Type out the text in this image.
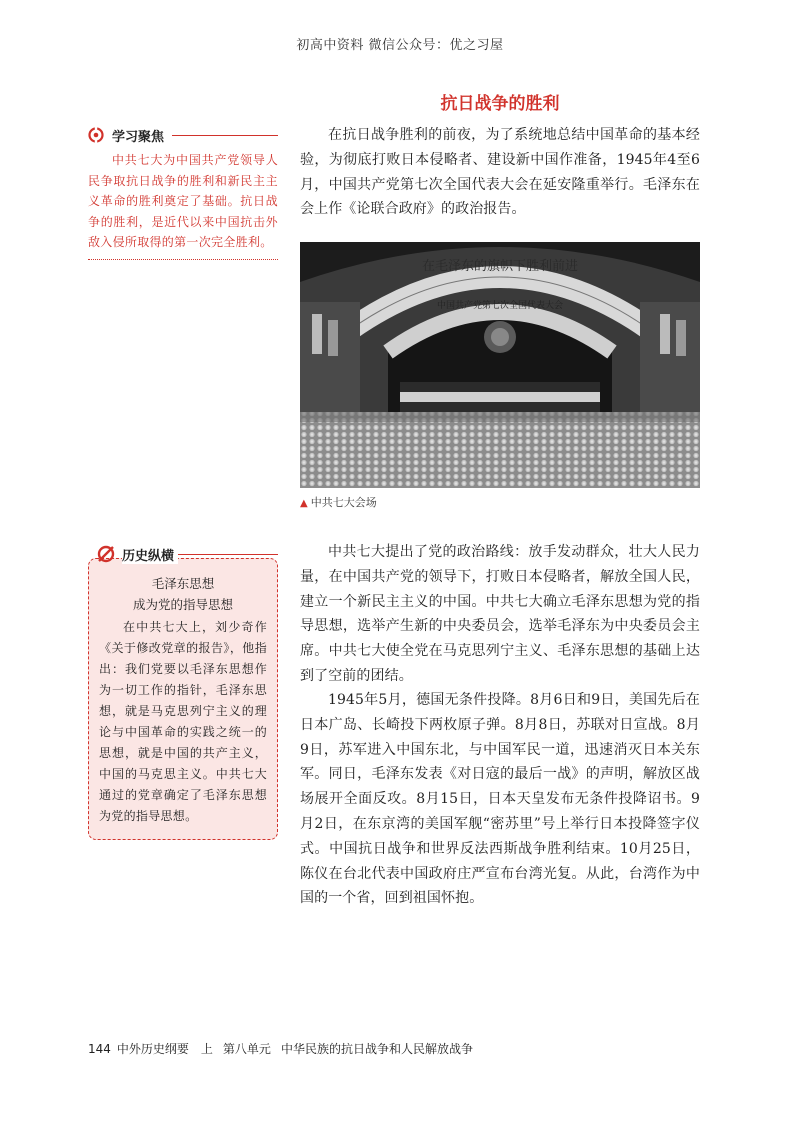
初高中资料 微信公众号：优之习屋
抗日战争的胜利
学习聚焦
中共七大为中国共产党领导人民争取抗日战争的胜利和新民主主义革命的胜利奠定了基础。抗日战争的胜利，是近代以来中国抗击外敌入侵所取得的第一次完全胜利。
在抗日战争胜利的前夜，为了系统地总结中国革命的基本经验，为彻底打败日本侵略者、建设新中国作准备，1945年4至6月，中国共产党第七次全国代表大会在延安隆重举行。毛泽东在会上作《论联合政府》的政治报告。
在毛泽东的旗帜下胜利前进
中国共产党第七次全国代表大会
▲ 中共七大会场
中共七大提出了党的政治路线：放手发动群众，壮大人民力量，在中国共产党的领导下，打败日本侵略者，解放全国人民，建立一个新民主主义的中国。中共七大确立毛泽东思想为党的指导思想，选举产生新的中央委员会，选举毛泽东为中央委员会主席。中共七大使全党在马克思列宁主义、毛泽东思想的基础上达到了空前的团结。
1945年5月，德国无条件投降。8月6日和9日，美国先后在日本广岛、长崎投下两枚原子弹。8月8日，苏联对日宣战。8月9日，苏军进入中国东北，与中国军民一道，迅速消灭日本关东军。同日，毛泽东发表《对日寇的最后一战》的声明，解放区战场展开全面反攻。8月15日，日本天皇发布无条件投降诏书。9月2日，在东京湾的美国军舰“密苏里”号上举行日本投降签字仪式。中国抗日战争和世界反法西斯战争胜利结束。10月25日，陈仪在台北代表中国政府庄严宣布台湾光复。从此，台湾作为中国的一个省，回到祖国怀抱。
历史纵横
毛泽东思想
成为党的指导思想
在中共七大上，刘少奇作《关于修改党章的报告》，他指出：我们党要以毛泽东思想作为一切工作的指针，毛泽东思想，就是马克思列宁主义的理论与中国革命的实践之统一的思想，就是中国的共产主义，中国的马克思主义。中共七大通过的党章确定了毛泽东思想为党的指导思想。
144 中外历史纲要　上 第八单元 中华民族的抗日战争和人民解放战争
